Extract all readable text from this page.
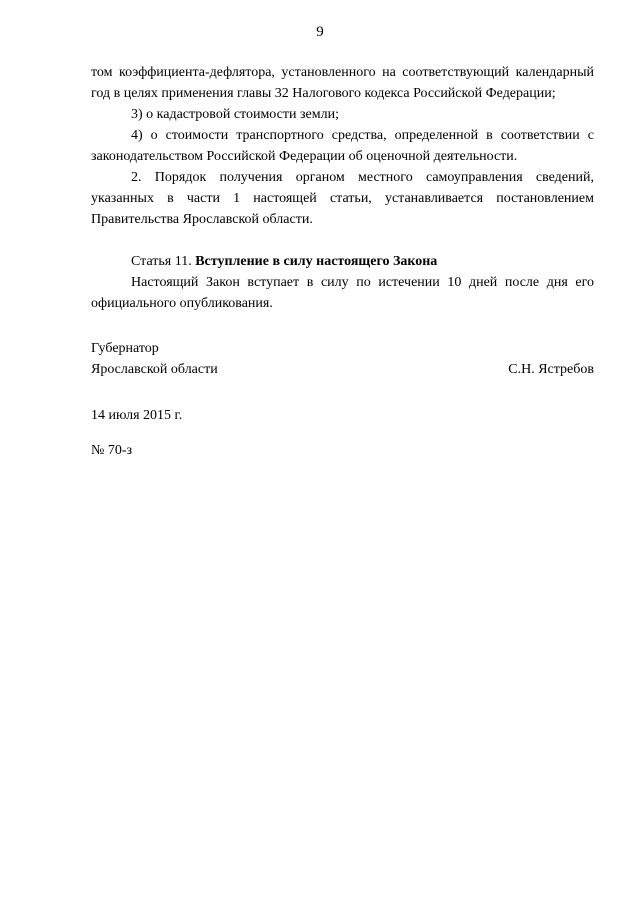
9

том коэффициента-дефлятора, установленного на соответствующий календарный год в целях применения главы 32 Налогового кодекса Российской Федерации;

3) о кадастровой стоимости земли;

4) о стоимости транспортного средства, определенной в соответствии с законодательством Российской Федерации об оценочной деятельности.

2. Порядок получения органом местного самоуправления сведений, указанных в части 1 настоящей статьи, устанавливается постановлением Правительства Ярославской области.

Статья 11. Вступление в силу настоящего Закона

Настоящий Закон вступает в силу по истечении 10 дней после дня его официального опубликования.

Губернатор
Ярославской области	С.Н. Ястребов
14 июля 2015 г.
№ 70-з
